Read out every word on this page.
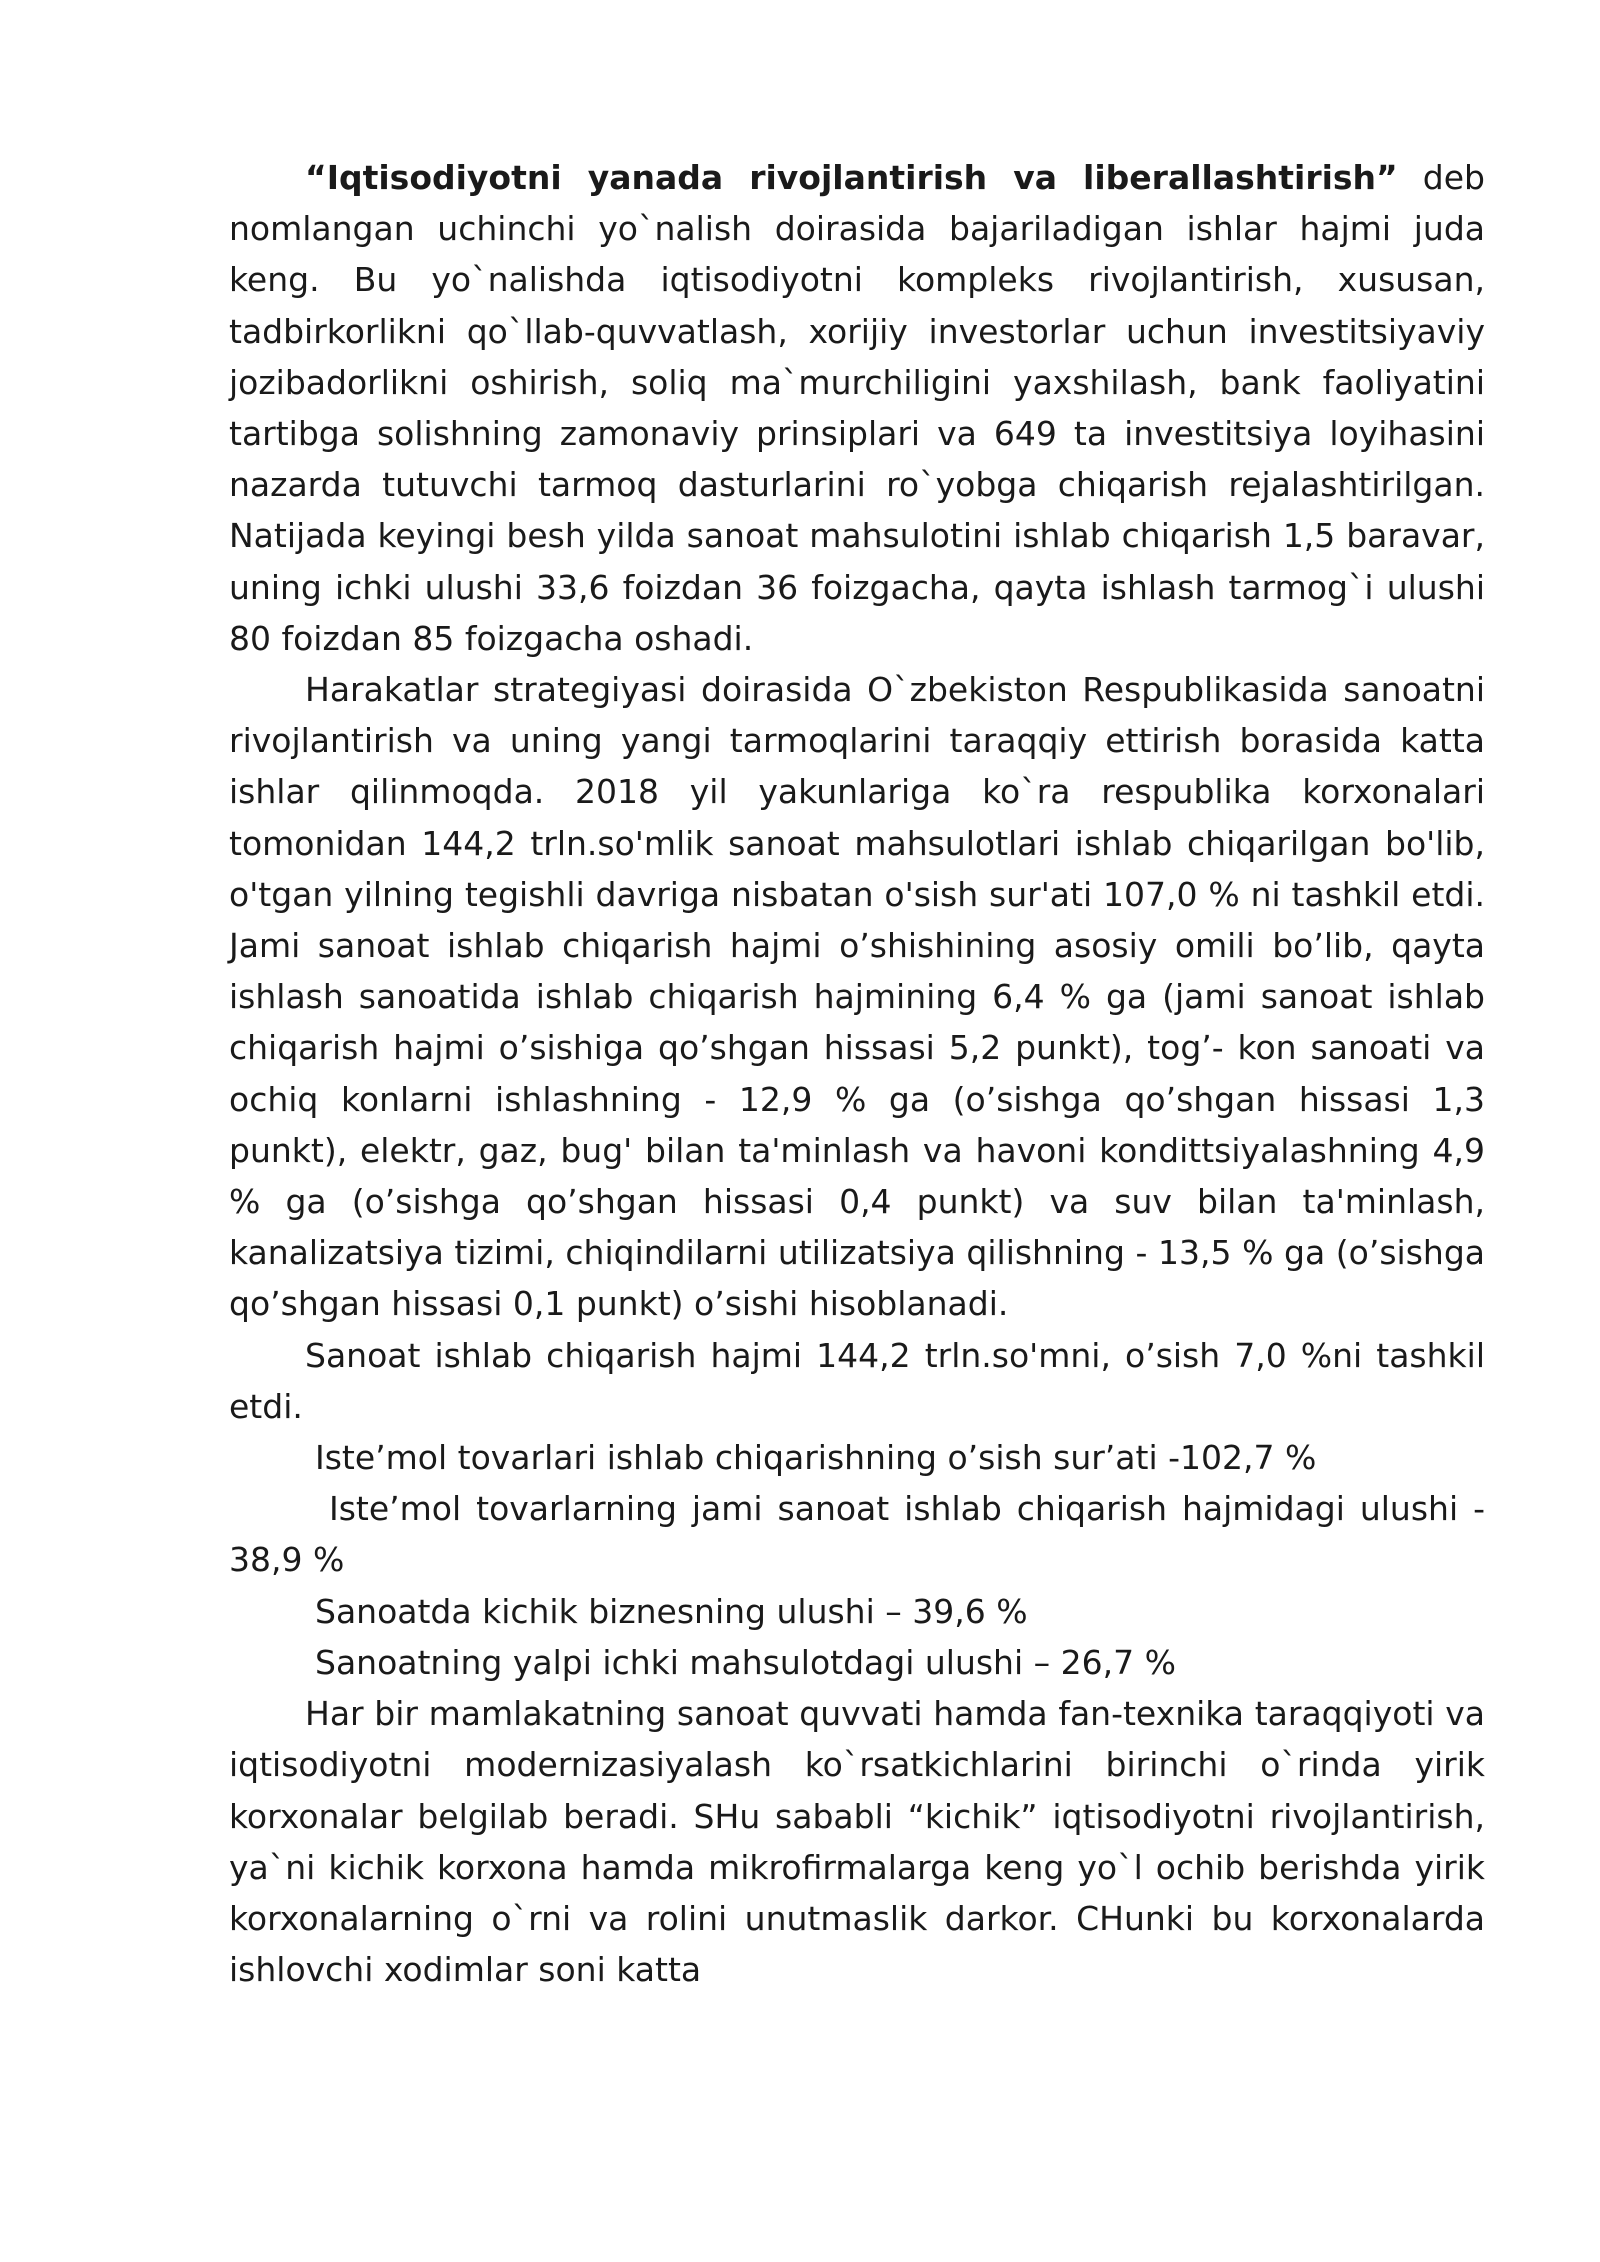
“Iqtisodiyotni yanada rivojlantirish va liberallashtirish” deb nomlangan uchinchi yo`nalish doirasida bajariladigan ishlar hajmi juda keng. Bu yo`nalishda iqtisodiyotni kompleks rivojlantirish, xususan, tadbirkorlikni qo`llab-quvvatlash, xorijiy investorlar uchun investitsiyaviy jozibadorlikni oshirish, soliq ma`murchiligini yaxshilash, bank faoliyatini tartibga solishning zamonaviy prinsiplari va 649 ta investitsiya loyihasini nazarda tutuvchi tarmoq dasturlarini ro`yobga chiqarish rejalashtirilgan. Natijada keyingi besh yilda sanoat mahsulotini ishlab chiqarish 1,5 baravar, uning ichki ulushi 33,6 foizdan 36 foizgacha, qayta ishlash tarmog`i ulushi 80 foizdan 85 foizgacha oshadi.

Harakatlar strategiyasi doirasida O`zbekiston Respublikasida sanoatni rivojlantirish va uning yangi tarmoqlarini taraqqiy ettirish borasida katta ishlar qilinmoqda. 2018 yil yakunlariga ko`ra respublika korxonalari tomonidan 144,2 trln.so'mlik sanoat mahsulotlari ishlab chiqarilgan bo'lib, o'tgan yilning tegishli davriga nisbatan o'sish sur'ati 107,0 % ni tashkil etdi. Jami sanoat ishlab chiqarish hajmi o’shishining asosiy omili bo’lib, qayta ishlash sanoatida ishlab chiqarish hajmining 6,4 % ga (jami sanoat ishlab chiqarish hajmi o’sishiga qo’shgan hissasi 5,2 punkt), tog’- kon sanoati va ochiq konlarni ishlashning - 12,9 % ga (o’sishga qo’shgan hissasi 1,3 punkt), elektr, gaz, bug' bilan ta'minlash va havoni kondittsiyalashning 4,9 % ga (o’sishga qo’shgan hissasi 0,4 punkt) va suv bilan ta'minlash, kanalizatsiya tizimi, chiqindilarni utilizatsiya qilishning - 13,5 % ga (o’sishga qo’shgan hissasi 0,1 punkt) o’sishi hisoblanadi.

Sanoat ishlab chiqarish hajmi 144,2 trln.so'mni, o’sish 7,0 %ni tashkil etdi.

Iste’mol tovarlari ishlab chiqarishning o’sish sur’ati -102,7 %

Iste’mol tovarlarning jami sanoat ishlab chiqarish hajmidagi ulushi - 38,9 %

Sanoatda kichik biznesning ulushi – 39,6 %

Sanoatning yalpi ichki mahsulotdagi ulushi – 26,7 %

Har bir mamlakatning sanoat quvvati hamda fan-texnika taraqqiyoti va iqtisodiyotni modernizasiyalash ko`rsatkichlarini birinchi o`rinda yirik korxonalar belgilab beradi. SHu sababli “kichik” iqtisodiyotni rivojlantirish, ya`ni kichik korxona hamda mikrofirmalarga keng yo`l ochib berishda yirik korxonalarning o`rni va rolini unutmaslik darkor. CHunki bu korxonalarda ishlovchi xodimlar soni katta
